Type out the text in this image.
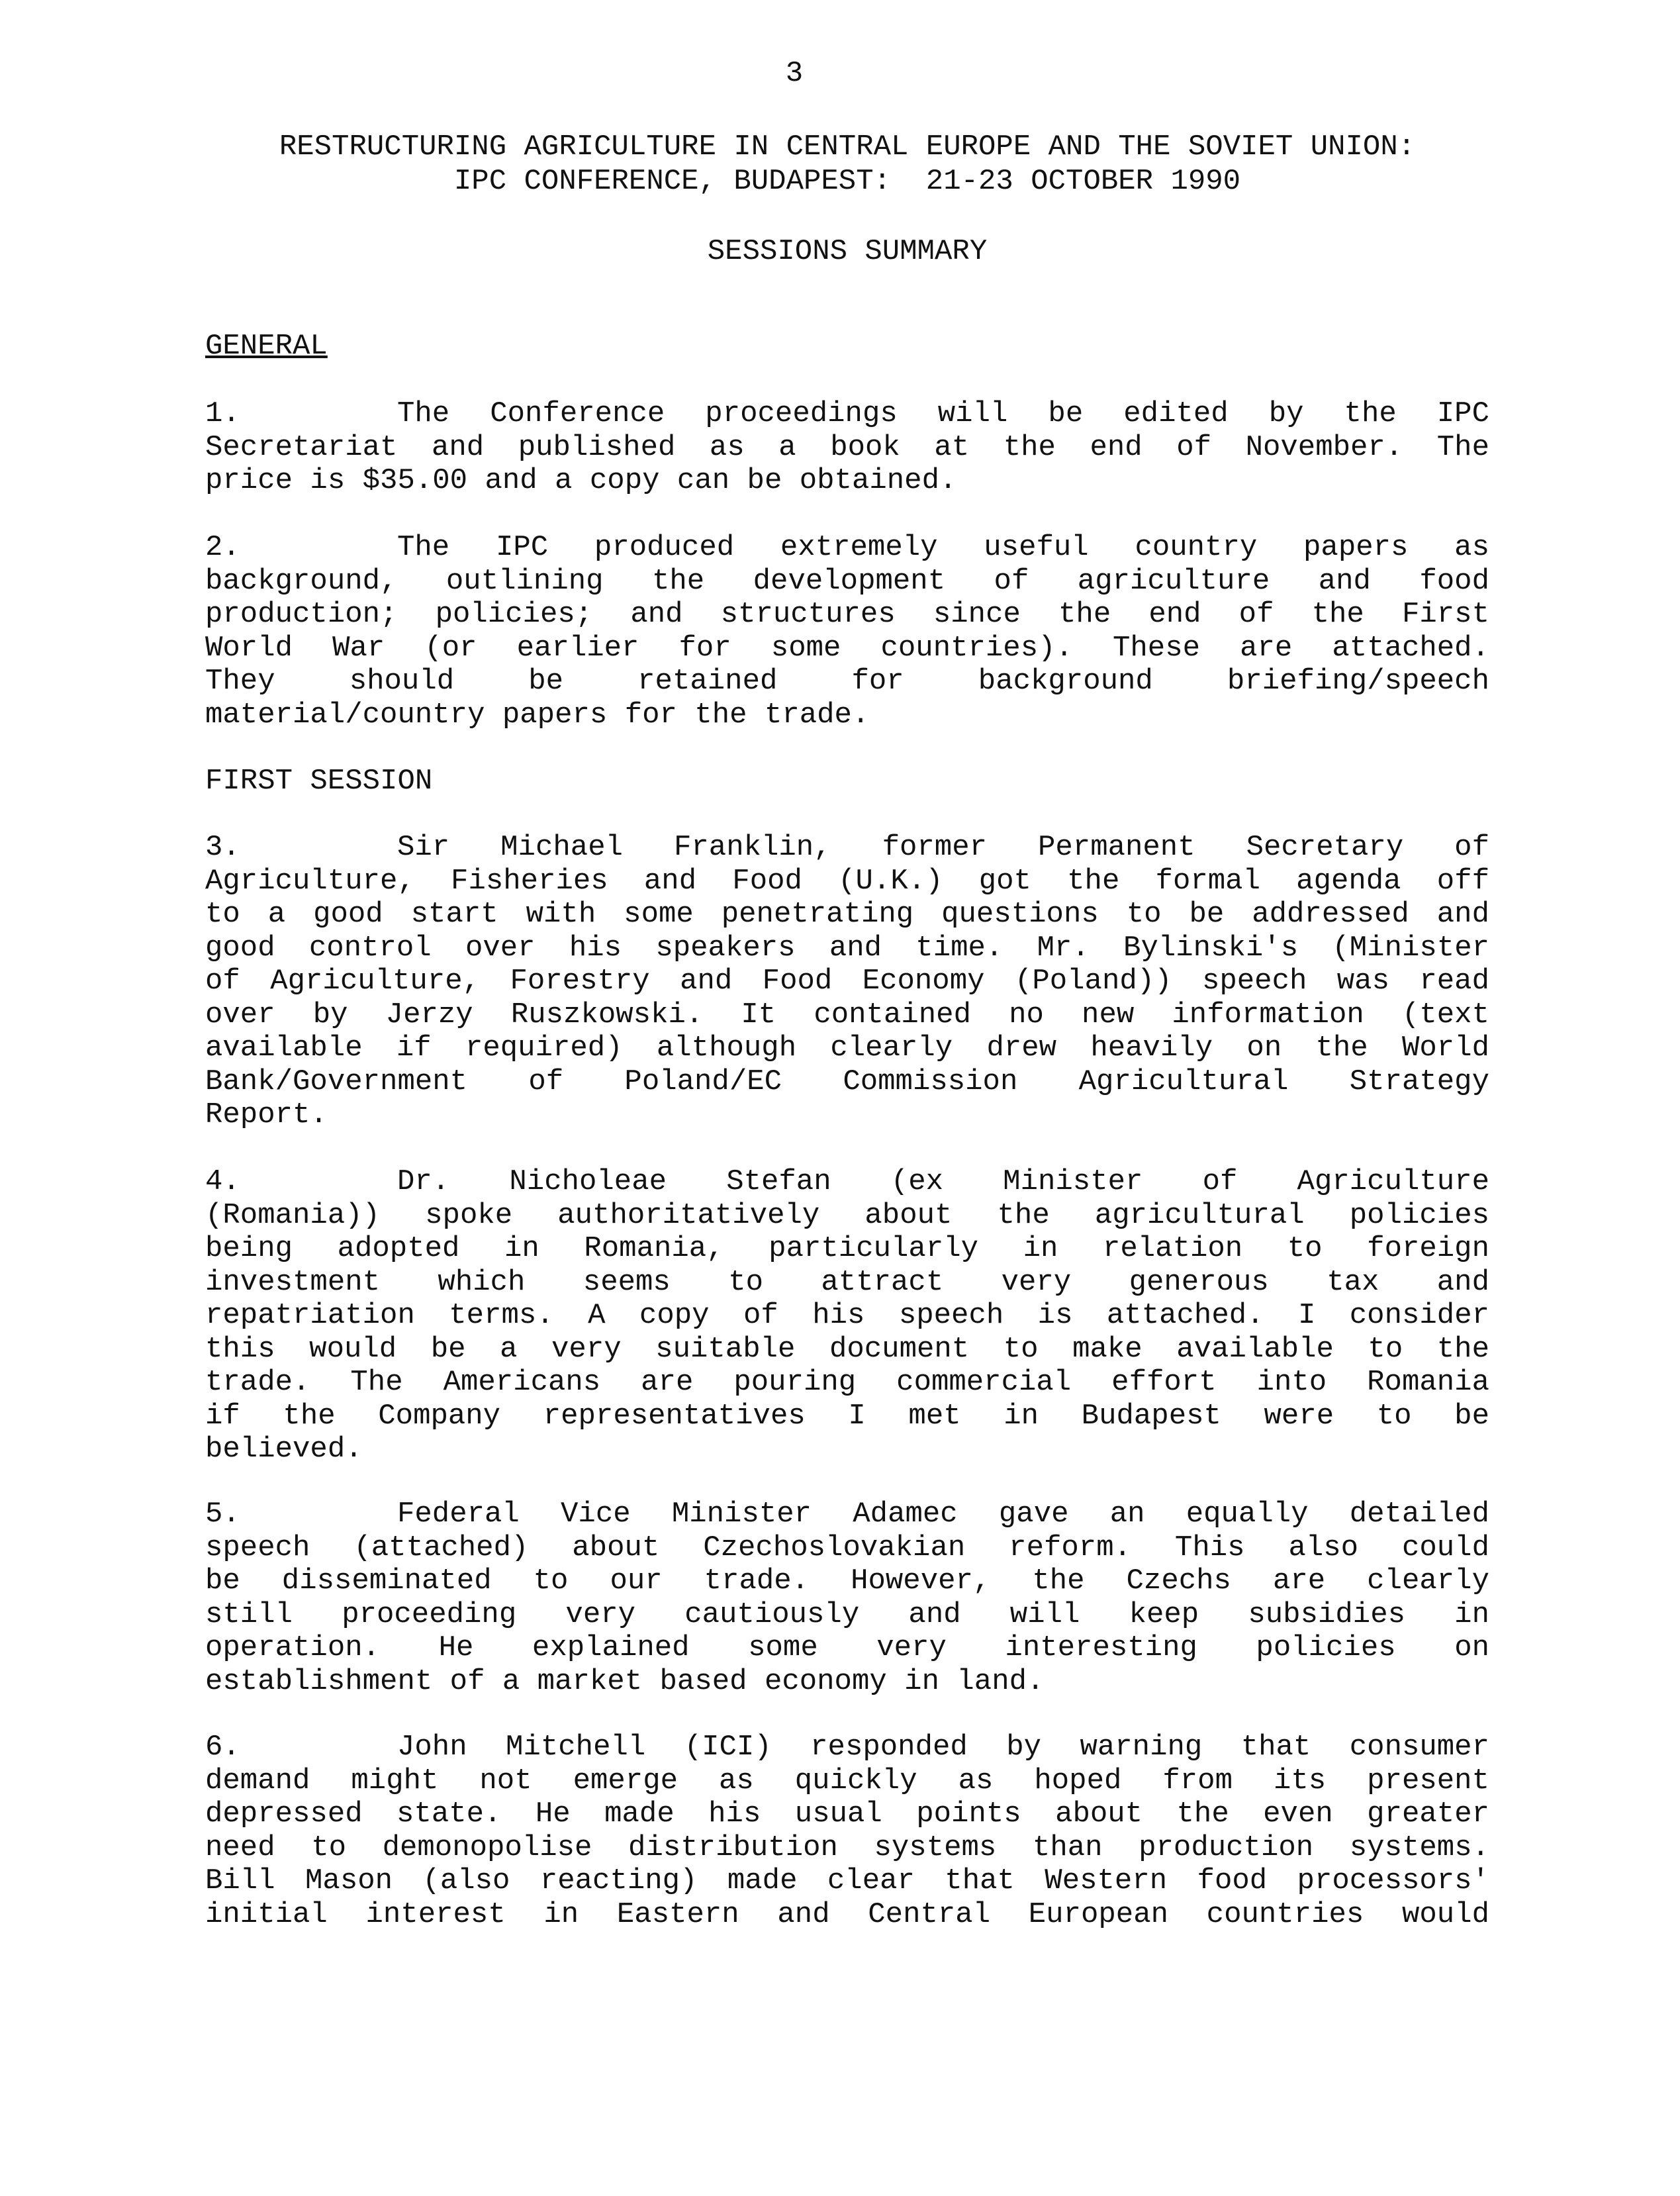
3
RESTRUCTURING AGRICULTURE IN CENTRAL EUROPE AND THE SOVIET UNION:
IPC CONFERENCE, BUDAPEST:  21-23 OCTOBER 1990
SESSIONS SUMMARY
GENERAL
1.	The Conference proceedings will be edited by the IPC
Secretariat and published as a book at the end of November. The
price is $35.00 and a copy can be obtained.
2.	The IPC produced extremely useful country papers as
background, outlining the development of agriculture and food
production; policies; and structures since the end of the First
World War (or earlier for some countries). These are attached.
They should be retained for background briefing/speech
material/country papers for the trade.
FIRST SESSION
3.	Sir Michael Franklin, former Permanent Secretary of
Agriculture, Fisheries and Food (U.K.) got the formal agenda off
to a good start with some penetrating questions to be addressed and
good control over his speakers and time. Mr. Bylinski's (Minister
of Agriculture, Forestry and Food Economy (Poland)) speech was read
over by Jerzy Ruszkowski. It contained no new information (text
available if required) although clearly drew heavily on the World
Bank/Government of Poland/EC Commission Agricultural Strategy
Report.
4.	Dr. Nicholeae Stefan (ex Minister of Agriculture
(Romania)) spoke authoritatively about the agricultural policies
being adopted in Romania, particularly in relation to foreign
investment which seems to attract very generous tax and
repatriation terms. A copy of his speech is attached. I consider
this would be a very suitable document to make available to the
trade. The Americans are pouring commercial effort into Romania
if the Company representatives I met in Budapest were to be
believed.
5.	Federal Vice Minister Adamec gave an equally detailed
speech (attached) about Czechoslovakian reform. This also could
be disseminated to our trade. However, the Czechs are clearly
still proceeding very cautiously and will keep subsidies in
operation. He explained some very interesting policies on
establishment of a market based economy in land.
6.	John Mitchell (ICI) responded by warning that consumer
demand might not emerge as quickly as hoped from its present
depressed state. He made his usual points about the even greater
need to demonopolise distribution systems than production systems.
Bill Mason (also reacting) made clear that Western food processors'
initial interest in Eastern and Central European countries would
